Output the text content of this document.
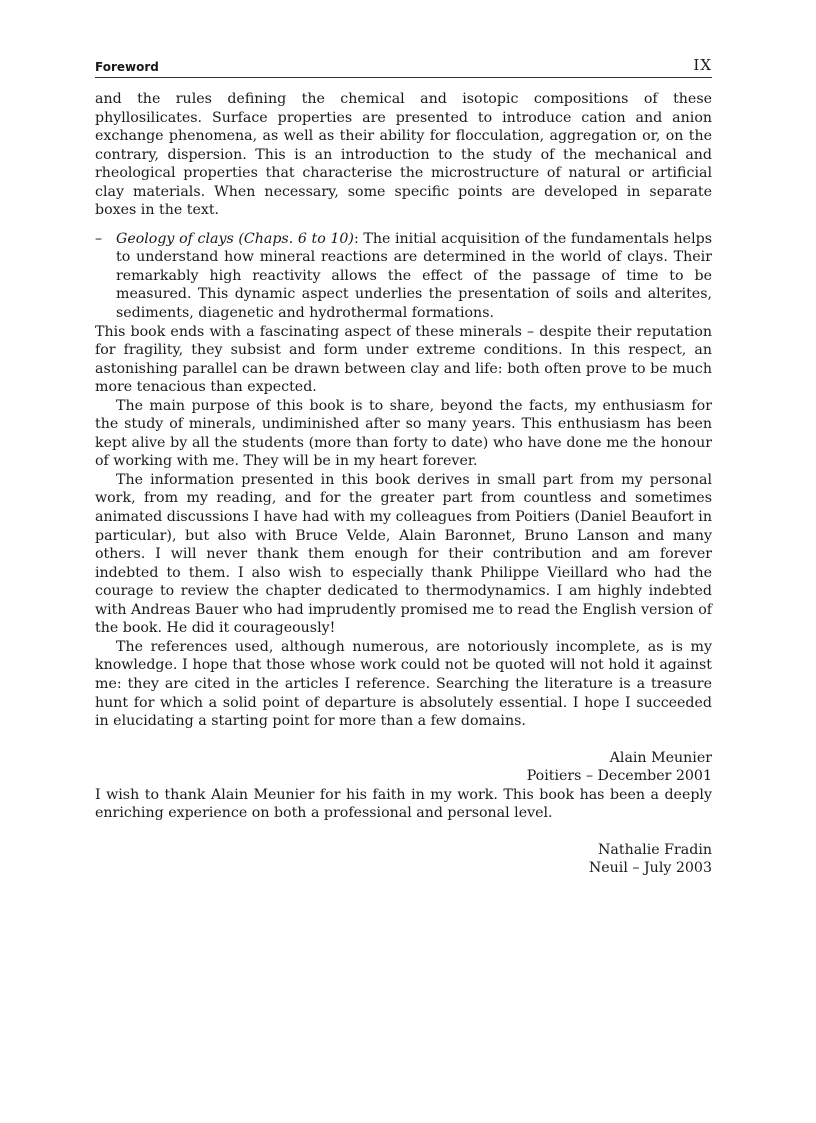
Foreword	IX

and the rules defining the chemical and isotopic compositions of these phyllosilicates. Surface properties are presented to introduce cation and anion exchange phenomena, as well as their ability for flocculation, aggregation or, on the contrary, dispersion. This is an introduction to the study of the mechanical and rheological properties that characterise the microstructure of natural or artificial clay materials. When necessary, some specific points are developed in separate boxes in the text.

– Geology of clays (Chaps. 6 to 10): The initial acquisition of the fundamentals helps to understand how mineral reactions are determined in the world of clays. Their remarkably high reactivity allows the effect of the passage of time to be measured. This dynamic aspect underlies the presentation of soils and alterites, sediments, diagenetic and hydrothermal formations.

This book ends with a fascinating aspect of these minerals – despite their reputation for fragility, they subsist and form under extreme conditions. In this respect, an astonishing parallel can be drawn between clay and life: both often prove to be much more tenacious than expected.

The main purpose of this book is to share, beyond the facts, my enthusiasm for the study of minerals, undiminished after so many years. This enthusiasm has been kept alive by all the students (more than forty to date) who have done me the honour of working with me. They will be in my heart forever.

The information presented in this book derives in small part from my personal work, from my reading, and for the greater part from countless and sometimes animated discussions I have had with my colleagues from Poitiers (Daniel Beaufort in particular), but also with Bruce Velde, Alain Baronnet, Bruno Lanson and many others. I will never thank them enough for their contribution and am forever indebted to them. I also wish to especially thank Philippe Vieillard who had the courage to review the chapter dedicated to thermodynamics. I am highly indebted with Andreas Bauer who had imprudently promised me to read the English version of the book. He did it courageously!

The references used, although numerous, are notoriously incomplete, as is my knowledge. I hope that those whose work could not be quoted will not hold it against me: they are cited in the articles I reference. Searching the literature is a treasure hunt for which a solid point of departure is absolutely essential. I hope I succeeded in elucidating a starting point for more than a few domains.

Alain Meunier
Poitiers – December 2001

I wish to thank Alain Meunier for his faith in my work. This book has been a deeply enriching experience on both a professional and personal level.

Nathalie Fradin
Neuil – July 2003
